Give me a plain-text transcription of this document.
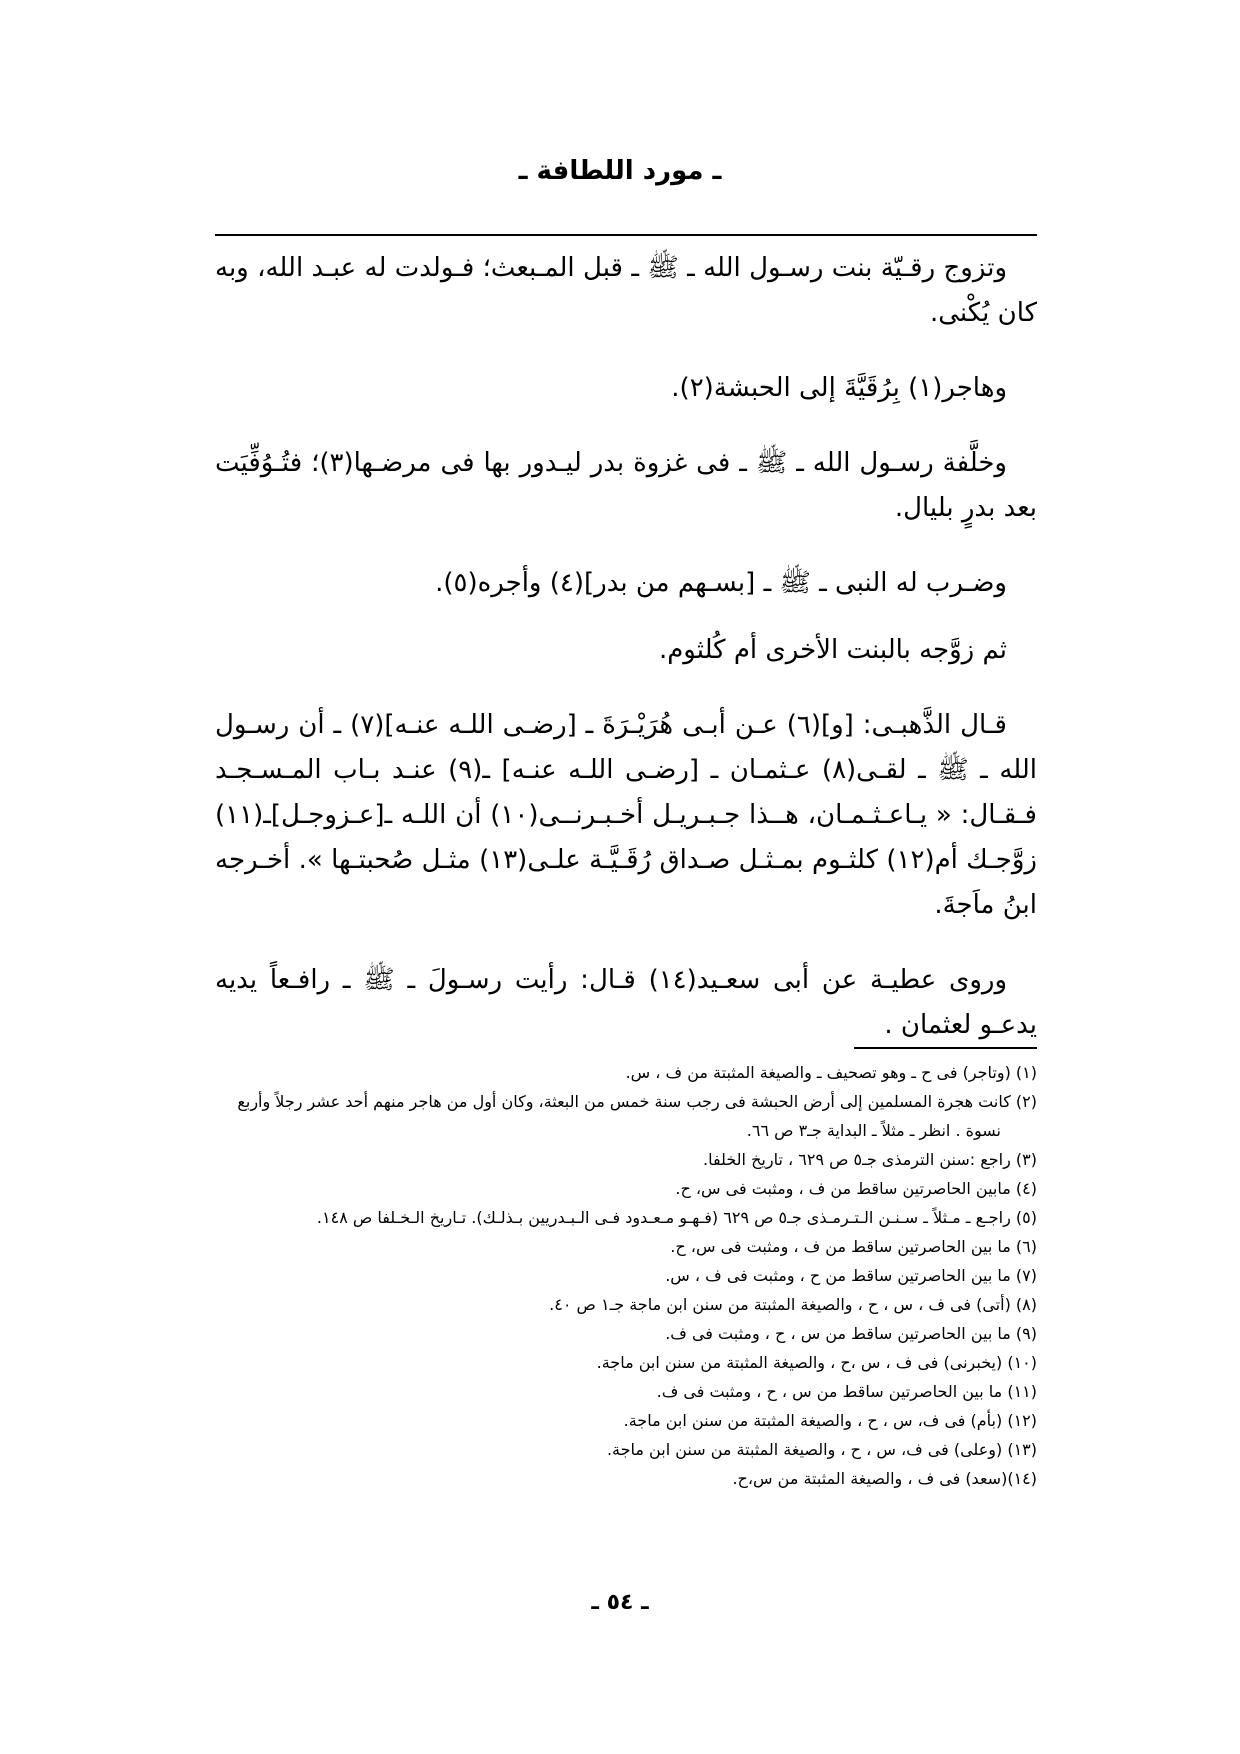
ـ مورد اللطافة ـ

وتزوج رقـيّة بنت رسـول الله ـ ﷺ ـ قبل المـبعث؛ فـولدت له عبـد الله، وبه كان يُكْنى.

وهاجر(١) بِرُقَيَّةَ إلى الحبشة(٢).

وخلَّفة رسـول الله ـ ﷺ ـ فى غزوة بدر ليـدور بها فى مرضـها(٣)؛ فتُـوُفِّيَت بعد بدرٍ بليال.

وضـرب له النبى ـ ﷺ ـ [بسـهم من بدر](٤) وأجره(٥).

ثم زوَّجه بالبنت الأخرى أم كُلثوم.

قـال الذَّهبـى: [و](٦) عـن أبـى هُرَيْـرَةَ ـ [رضـى اللـه عنـه](٧) ـ أن رسـول الله ـ ﷺ ـ لقـى(٨) عـثمـان ـ [رضـى اللـه عنـه] ـ(٩) عنـد بـاب المـسـجـد فـقـال: « يـاعـثـمـان، هــذا جـبـريـل أخـبـرنــى(١٠) أن اللـه ـ[عـزوجـل]ـ(١١) زوَّجـك أم(١٢) كلثـوم بمـثـل صـداق رُقَـيَّـة علـى(١٣) مثـل صُحبتـها ». أخـرجه ابنُ ماَجةَ.

وروى عطيـة عن أبى سعـيد(١٤) قـال: رأيت رسـولَ ـ ﷺ ـ رافـعاً يديه يدعـو لعثمان .

(١) (وتاجر) فى ح ـ وهو تصحيف ـ والصيغة المثبتة من ف ، س.

(٢) كانت هجرة المسلمين إلى أرض الحبشة فى رجب سنة خمس من البعثة، وكان أول من هاجر منهم أحد عشر رجلاً وأربع نسوة . انظر ـ مثلاً ـ البداية جـ٣ ص ٦٦.

(٣) راجع :سنن الترمذى جـ٥ ص ٦٢٩ ، تاريخ الخلفا.

(٤) مابين الحاصرتين ساقط من ف ، ومثبت فى س، ح.

(٥) راجـع ـ مـثلاً ـ سـنـن الـتـرمـذى جـ٥ ص ٦٢٩ (فـهـو مـعـدود فـى الـبـدريين بـذلـك). تـاريخ الـخـلفا ص ١٤٨.

(٦) ما بين الحاصرتين ساقط من ف ، ومثبت فى س، ح.

(٧) ما بين الحاصرتين ساقط من ح ، ومثبت فى ف ، س.

(٨) (أتى) فى ف ، س ، ح ، والصيغة المثبتة من سنن ابن ماجة جـ١ ص ٤٠.

(٩) ما بين الحاصرتين ساقط من س ، ح ، ومثبت فى ف.

(١٠) (يخبرنى) فى ف ، س ،ح ، والصيغة المثبتة من سنن ابن ماجة.

(١١) ما بين الحاصرتين ساقط من س ، ح ، ومثبت فى ف.

(١٢) (بأم) فى ف، س ، ح ، والصيغة المثبتة من سنن ابن ماجة.

(١٣) (وعلى) فى ف، س ، ح ، والصيغة المثبتة من سنن ابن ماجة.

(١٤)(سعد) فى ف ، والصيغة المثبتة من س،ح.

ـ ٥٤ ـ
